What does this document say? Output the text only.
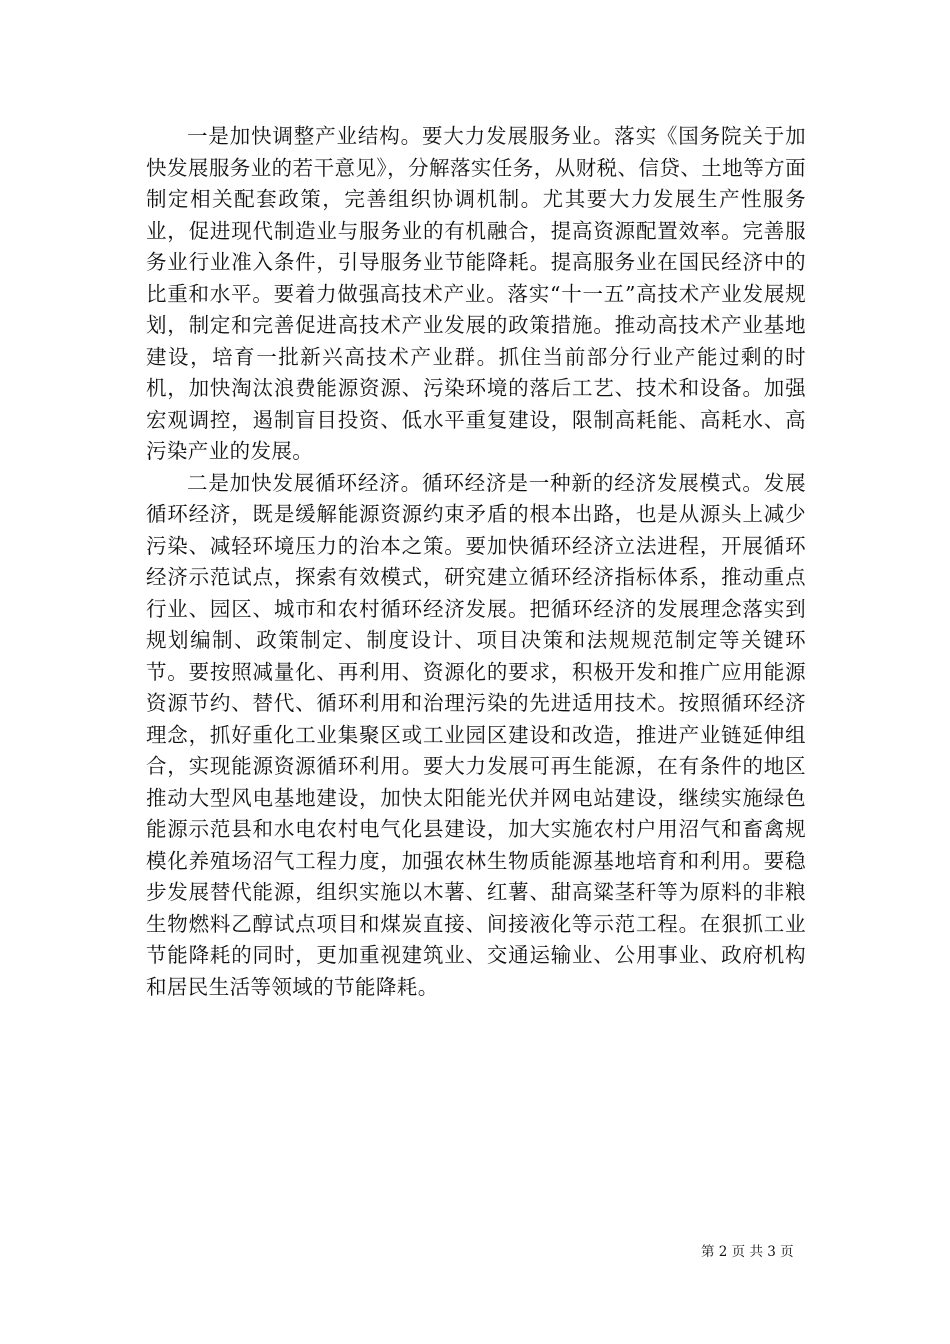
一是加快调整产业结构。要大力发展服务业。落实《国务院关于加快发展服务业的若干意见》，分解落实任务，从财税、信贷、土地等方面制定相关配套政策，完善组织协调机制。尤其要大力发展生产性服务业，促进现代制造业与服务业的有机融合，提高资源配置效率。完善服务业行业准入条件，引导服务业节能降耗。提高服务业在国民经济中的比重和水平。要着力做强高技术产业。落实“十一五”高技术产业发展规划，制定和完善促进高技术产业发展的政策措施。推动高技术产业基地建设，培育一批新兴高技术产业群。抓住当前部分行业产能过剩的时机，加快淘汰浪费能源资源、污染环境的落后工艺、技术和设备。加强宏观调控，遏制盲目投资、低水平重复建设，限制高耗能、高耗水、高污染产业的发展。

二是加快发展循环经济。循环经济是一种新的经济发展模式。发展循环经济，既是缓解能源资源约束矛盾的根本出路，也是从源头上减少污染、减轻环境压力的治本之策。要加快循环经济立法进程，开展循环经济示范试点，探索有效模式，研究建立循环经济指标体系，推动重点行业、园区、城市和农村循环经济发展。把循环经济的发展理念落实到规划编制、政策制定、制度设计、项目决策和法规规范制定等关键环节。要按照减量化、再利用、资源化的要求，积极开发和推广应用能源资源节约、替代、循环利用和治理污染的先进适用技术。按照循环经济理念，抓好重化工业集聚区或工业园区建设和改造，推进产业链延伸组合，实现能源资源循环利用。要大力发展可再生能源，在有条件的地区推动大型风电基地建设，加快太阳能光伏并网电站建设，继续实施绿色能源示范县和水电农村电气化县建设，加大实施农村户用沼气和畜禽规模化养殖场沼气工程力度，加强农林生物质能源基地培育和利用。要稳步发展替代能源，组织实施以木薯、红薯、甜高粱茎秆等为原料的非粮生物燃料乙醇试点项目和煤炭直接、间接液化等示范工程。在狠抓工业节能降耗的同时，更加重视建筑业、交通运输业、公用事业、政府机构和居民生活等领域的节能降耗。

第 2 页 共 3 页
